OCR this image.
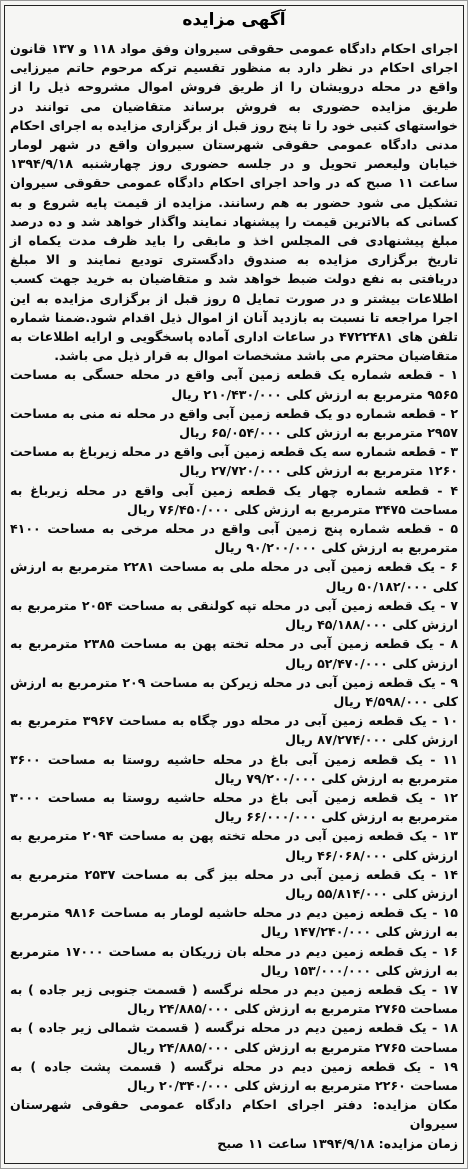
آگهی مزایده

اجرای احکام دادگاه عمومی حقوقی سیروان وفق مواد ۱۱۸ و ۱۳۷ قانون اجرای احکام در نظر دارد به منظور تقسیم ترکه مرحوم حاتم میرزایی واقع در محله درویشان را از طریق فروش اموال مشروحه ذیل را از طریق مزایده حضوری به فروش برساند متقاضیان می توانند در خواستهای کتبی خود را تا پنج روز قبل از برگزاری مزایده به اجرای احکام مدنی دادگاه عمومی حقوقی شهرستان سیروان واقع در شهر لومار خیابان ولیعصر تحویل و در جلسه حضوری روز چهارشنبه ۱۳۹۴/۹/۱۸ ساعت ۱۱ صبح که در واحد اجرای احکام دادگاه عمومی حقوقی سیروان تشکیل می شود حضور به هم رسانند. مزایده از قیمت پایه شروع و به کسانی که بالاترین قیمت را پیشنهاد نمایند واگذار خواهد شد و ده درصد مبلغ پیشنهادی فی المجلس اخذ و مابقی را باید ظرف مدت یکماه از تاریخ برگزاری مزایده به صندوق دادگستری تودیع نمایند و الا مبلغ دریافتی به نفع دولت ضبط خواهد شد و متقاضیان به خرید جهت کسب اطلاعات بیشتر و در صورت تمایل ۵ روز قبل از برگزاری مزایده به این اجرا مراجعه تا نسبت به بازدید آنان از اموال ذیل اقدام شود.ضمنا شماره تلفن های ۴۷۲۲۴۸۱ در ساعات اداری آماده پاسخگویی و ارایه اطلاعات به متقاضیان محترم می باشد مشخصات اموال به قرار ذیل می باشد.

۱ - قطعه شماره یک قطعه زمین آبی واقع در محله حسگی به مساحت ۹۵۶۵ مترمربع به ارزش کلی ۲۱۰/۴۳۰/۰۰۰ ریال
۲ - قطعه شماره دو یک قطعه زمین آبی واقع در محله نه منی به مساحت ۲۹۵۷ مترمربع به ارزش کلی ۶۵/۰۵۴/۰۰۰ ریال
۳ - قطعه شماره سه یک قطعه زمین آبی واقع در محله زیرباغ به مساحت ۱۲۶۰ مترمربع به ارزش کلی ۲۷/۷۲۰/۰۰۰ ریال
۴ - قطعه شماره چهار یک قطعه زمین آبی واقع در محله زیرباغ به مساحت ۳۴۷۵ مترمربع به ارزش کلی ۷۶/۴۵۰/۰۰۰ ریال
۵ - قطعه شماره پنج زمین آبی واقع در محله مرخی به مساحت ۴۱۰۰ مترمربع به ارزش کلی ۹۰/۲۰۰/۰۰۰ ریال
۶ - یک قطعه زمین آبی در محله ملی به مساحت ۲۲۸۱ مترمربع به ارزش کلی ۵۰/۱۸۲/۰۰۰ ریال
۷ - یک قطعه زمین آبی در محله تپه کولنقی به مساحت ۲۰۵۴ مترمربع به ارزش کلی ۴۵/۱۸۸/۰۰۰ ریال
۸ - یک قطعه زمین آبی در محله تخته پهن به مساحت ۲۳۸۵ مترمربع به ارزش کلی ۵۲/۴۷۰/۰۰۰ ریال
۹ - یک قطعه زمین آبی در محله زیرکن به مساحت ۲۰۹ مترمربع به ارزش کلی ۴/۵۹۸/۰۰۰ ریال
۱۰ - یک قطعه زمین آبی در محله دور چگاه به مساحت ۳۹۶۷ مترمربع به ارزش کلی ۸۷/۲۷۴/۰۰۰ ریال
۱۱ - یک قطعه زمین آبی باغ در محله حاشیه روستا به مساحت ۳۶۰۰ مترمربع به ارزش کلی ۷۹/۲۰۰/۰۰۰ ریال
۱۲ - یک قطعه زمین آبی باغ در محله حاشیه روستا به مساحت ۳۰۰۰ مترمربع به ارزش کلی ۶۶/۰۰۰/۰۰۰ ریال
۱۳ - یک قطعه زمین آبی در محله تخته پهن به مساحت ۲۰۹۴ مترمربع به ارزش کلی ۴۶/۰۶۸/۰۰۰ ریال
۱۴ - یک قطعه زمین آبی در محله بیز گی به مساحت ۲۵۳۷ مترمربع به ارزش کلی ۵۵/۸۱۴/۰۰۰ ریال
۱۵ - یک قطعه زمین دیم در محله حاشیه لومار به مساحت ۹۸۱۶ مترمربع به ارزش کلی ۱۴۷/۲۴۰/۰۰۰ ریال
۱۶ - یک قطعه زمین دیم در محله بان زریکان به مساحت ۱۷۰۰۰ مترمربع به ارزش کلی ۱۵۳/۰۰۰/۰۰۰ ریال
۱۷ - یک قطعه زمین دیم در محله نرگسه ( قسمت جنوبی زیر جاده ) به مساحت ۲۷۶۵ مترمربع به ارزش کلی ۲۴/۸۸۵/۰۰۰ ریال
۱۸ - یک قطعه زمین دیم در محله نرگسه ( قسمت شمالی زیر جاده ) به مساحت ۲۷۶۵ مترمربع به ارزش کلی ۲۴/۸۸۵/۰۰۰ ریال
۱۹ - یک قطعه زمین دیم در محله نرگسه ( قسمت پشت جاده ) به مساحت ۲۲۶۰ مترمربع به ارزش کلی ۲۰/۳۴۰/۰۰۰ ریال

مکان مزایده: دفتر اجرای احکام دادگاه عمومی حقوقی شهرستان سیروان

زمان مزایده: ۱۳۹۴/۹/۱۸ ساعت ۱۱ صبح
